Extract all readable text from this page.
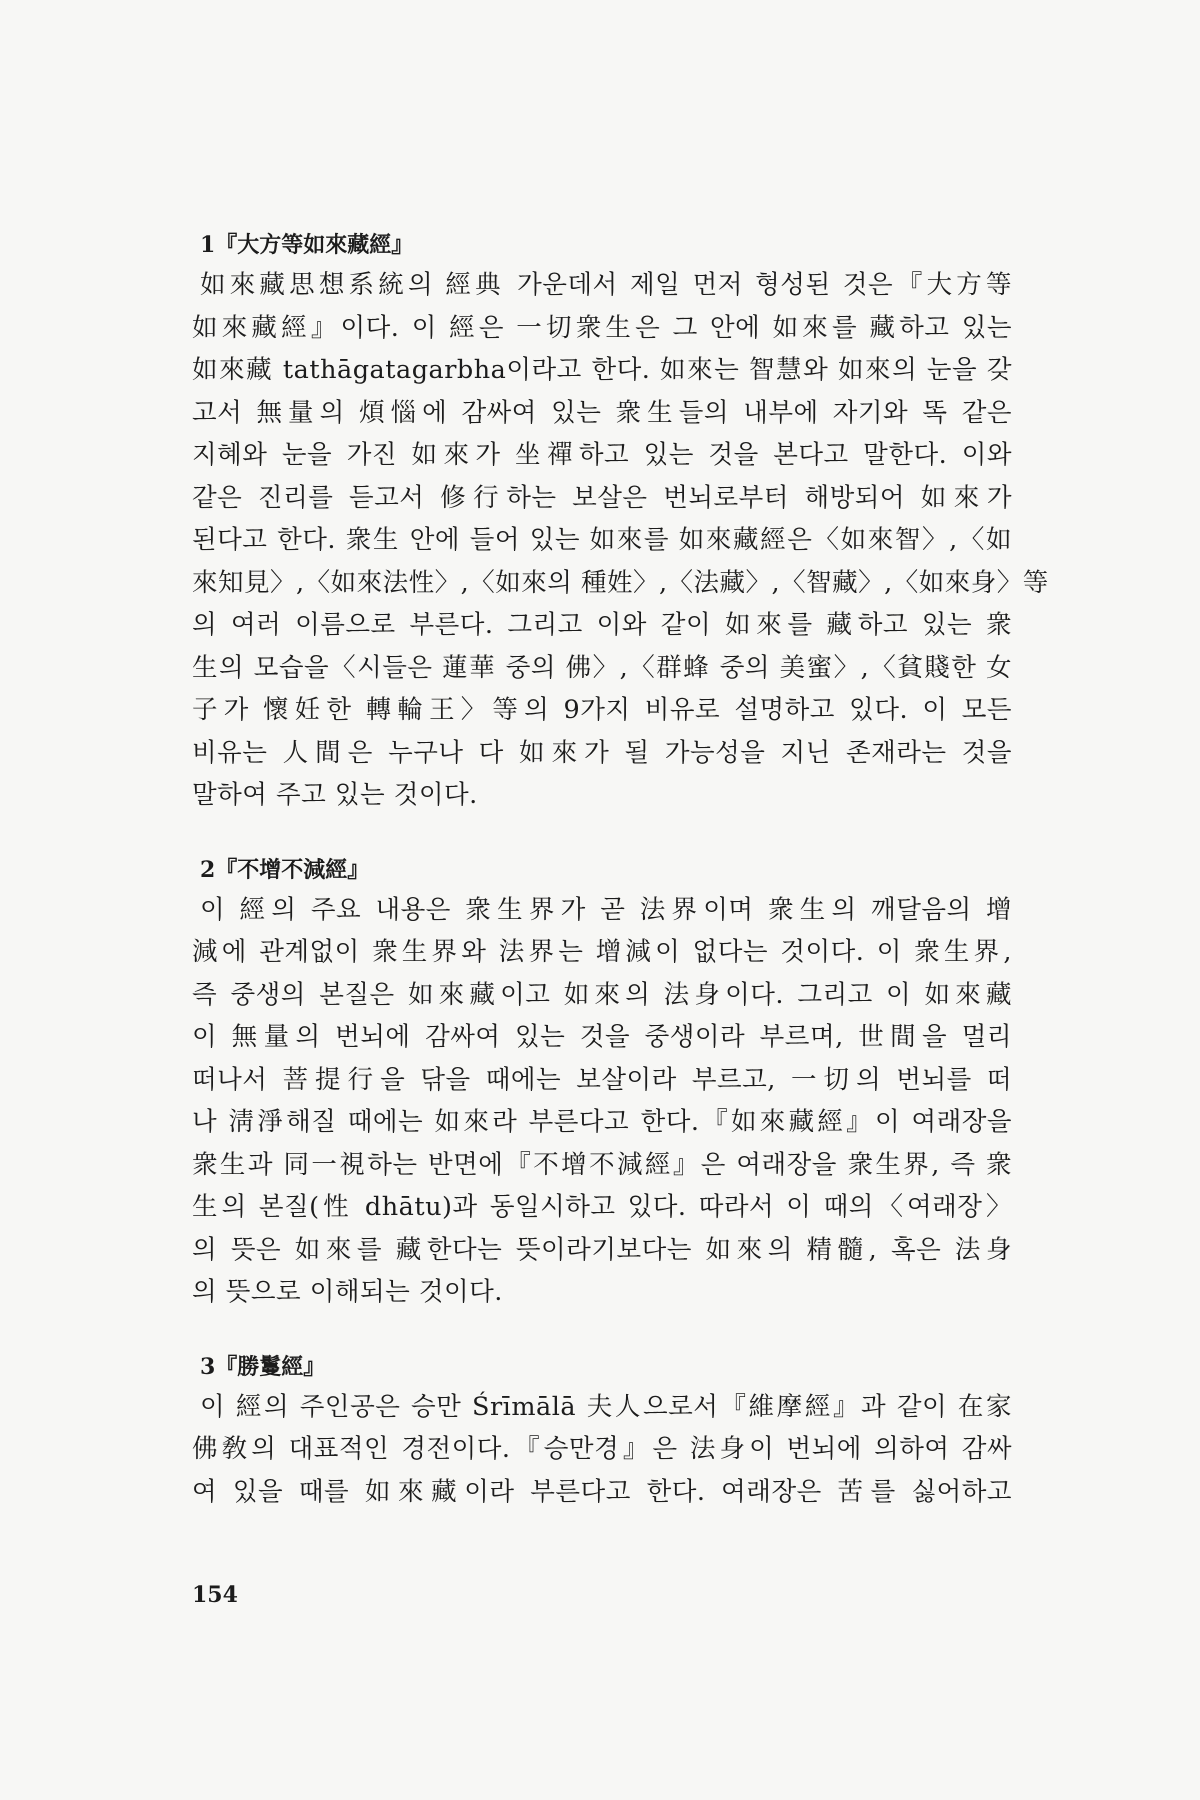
1『大方等如來藏經』
如來藏思想系統의 經典 가운데서 제일 먼저 형성된 것은『大方等
如來藏經』이다. 이 經은 一切衆生은 그 안에 如來를 藏하고 있는
如來藏 tathāgatagarbha이라고 한다. 如來는 智慧와 如來의 눈을 갖
고서 無量의 煩惱에 감싸여 있는 衆生들의 내부에 자기와 똑 같은
지혜와 눈을 가진 如來가 坐禪하고 있는 것을 본다고 말한다. 이와
같은 진리를 듣고서 修行하는 보살은 번뇌로부터 해방되어 如來가
된다고 한다. 衆生 안에 들어 있는 如來를 如來藏經은〈如來智〉,〈如
來知見〉,〈如來法性〉,〈如來의 種姓〉,〈法藏〉,〈智藏〉,〈如來身〉等
의 여러 이름으로 부른다. 그리고 이와 같이 如來를 藏하고 있는 衆
生의 모습을〈시들은 蓮華 중의 佛〉,〈群蜂 중의 美蜜〉,〈貧賤한 女
子가 懷妊한 轉輪王〉等의 9가지 비유로 설명하고 있다. 이 모든
비유는 人間은 누구나 다 如來가 될 가능성을 지닌 존재라는 것을
말하여 주고 있는 것이다.
2『不增不減經』
이 經의 주요 내용은 衆生界가 곧 法界이며 衆生의 깨달음의 增
減에 관계없이 衆生界와 法界는 增減이 없다는 것이다. 이 衆生界,
즉 중생의 본질은 如來藏이고 如來의 法身이다. 그리고 이 如來藏
이 無量의 번뇌에 감싸여 있는 것을 중생이라 부르며, 世間을 멀리
떠나서 菩提行을 닦을 때에는 보살이라 부르고, 一切의 번뇌를 떠
나 淸淨해질 때에는 如來라 부른다고 한다.『如來藏經』이 여래장을
衆生과 同一視하는 반면에『不增不減經』은 여래장을 衆生界, 즉 衆
生의 본질(性 dhātu)과 동일시하고 있다. 따라서 이 때의〈여래장〉
의 뜻은 如來를 藏한다는 뜻이라기보다는 如來의 精髓, 혹은 法身
의 뜻으로 이해되는 것이다.
3『勝鬘經』
이 經의 주인공은 승만 Śrīmālā 夫人으로서『維摩經』과 같이 在家
佛敎의 대표적인 경전이다.『승만경』은 法身이 번뇌에 의하여 감싸
여 있을 때를 如來藏이라 부른다고 한다. 여래장은 苦를 싫어하고
154
